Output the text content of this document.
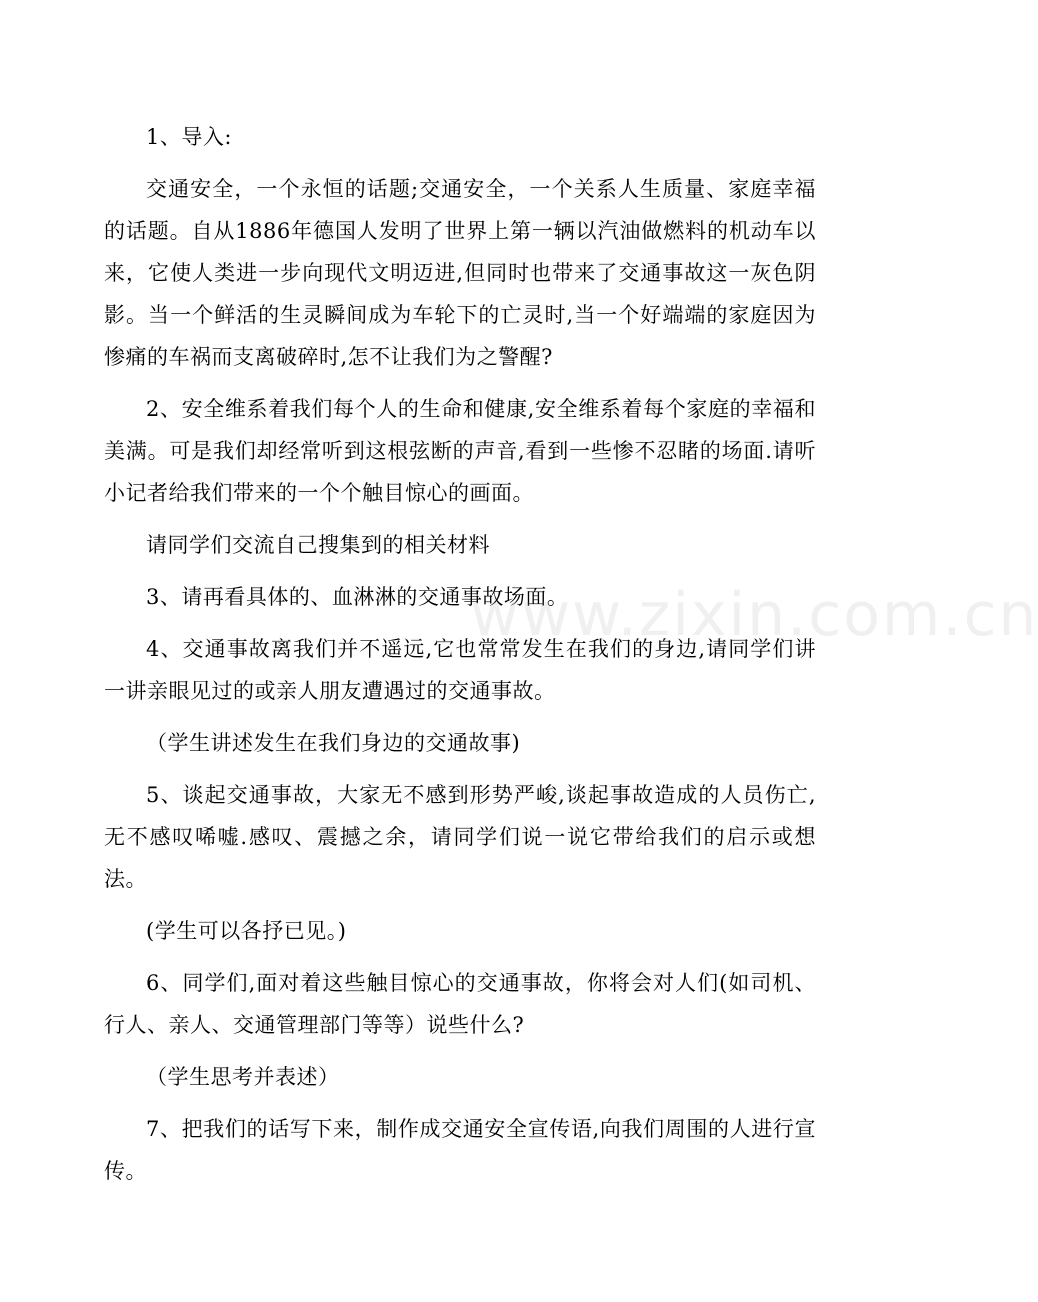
1、导入:

交通安全，一个永恒的话题;交通安全，一个关系人生质量、家庭幸福的话题。自从1886年德国人发明了世界上第一辆以汽油做燃料的机动车以来，它使人类进一步向现代文明迈进,但同时也带来了交通事故这一灰色阴影。当一个鲜活的生灵瞬间成为车轮下的亡灵时,当一个好端端的家庭因为惨痛的车祸而支离破碎时,怎不让我们为之警醒?

2、安全维系着我们每个人的生命和健康,安全维系着每个家庭的幸福和美满。可是我们却经常听到这根弦断的声音,看到一些惨不忍睹的场面.请听小记者给我们带来的一个个触目惊心的画面。

请同学们交流自己搜集到的相关材料

3、请再看具体的、血淋淋的交通事故场面。

4、交通事故离我们并不遥远,它也常常发生在我们的身边,请同学们讲一讲亲眼见过的或亲人朋友遭遇过的交通事故。

（学生讲述发生在我们身边的交通故事)

5、谈起交通事故，大家无不感到形势严峻,谈起事故造成的人员伤亡,无不感叹唏嘘.感叹、震撼之余，请同学们说一说它带给我们的启示或想法。

(学生可以各抒已见。)

6、同学们,面对着这些触目惊心的交通事故，你将会对人们(如司机、行人、亲人、交通管理部门等等）说些什么?

（学生思考并表述）

7、把我们的话写下来，制作成交通安全宣传语,向我们周围的人进行宣传。

www.zixin.com.cn
